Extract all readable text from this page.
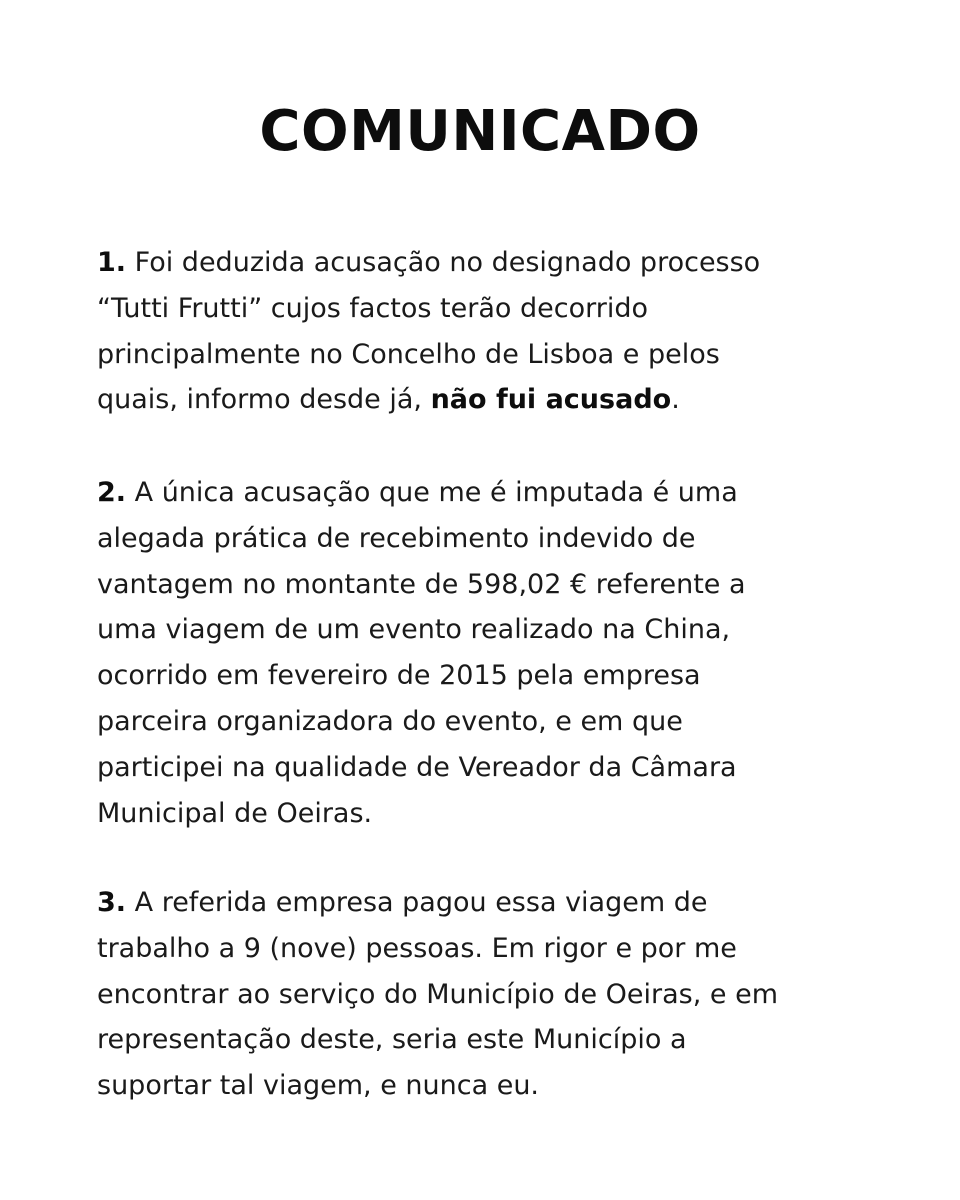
COMUNICADO
1. Foi deduzida acusação no designado processo
“Tutti Frutti” cujos factos terão decorrido
principalmente no Concelho de Lisboa e pelos
quais, informo desde já, não fui acusado.
2. A única acusação que me é imputada é uma
alegada prática de recebimento indevido de
vantagem no montante de 598,02 € referente a
uma viagem de um evento realizado na China,
ocorrido em fevereiro de 2015 pela empresa
parceira organizadora do evento, e em que
participei na qualidade de Vereador da Câmara
Municipal de Oeiras.
3. A referida empresa pagou essa viagem de
trabalho a 9 (nove) pessoas. Em rigor e por me
encontrar ao serviço do Município de Oeiras, e em
representação deste, seria este Município a
suportar tal viagem, e nunca eu.
